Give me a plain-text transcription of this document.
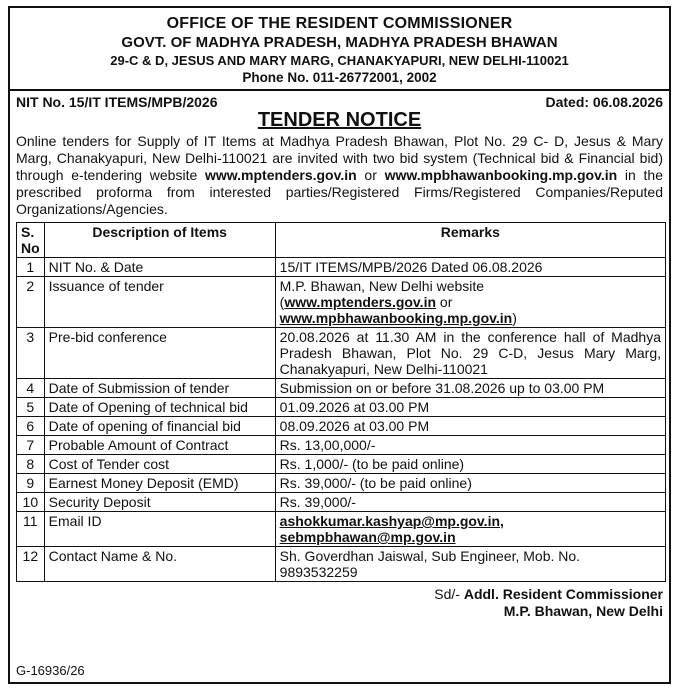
OFFICE OF THE RESIDENT COMMISSIONER
GOVT. OF MADHYA PRADESH, MADHYA PRADESH BHAWAN
29-C & D, JESUS AND MARY MARG, CHANAKYAPURI, NEW DELHI-110021
Phone No. 011-26772001, 2002
NIT No. 15/IT ITEMS/MPB/2026	Dated: 06.08.2026
TENDER NOTICE
Online tenders for Supply of IT Items at Madhya Pradesh Bhawan, Plot No. 29 C- D, Jesus & Mary Marg, Chanakyapuri, New Delhi-110021 are invited with two bid system (Technical bid & Financial bid) through e-tendering website www.mptenders.gov.in or www.mpbhawanbooking.mp.gov.in in the prescribed proforma from interested parties/Registered Firms/Registered Companies/Reputed Organizations/Agencies.
S. No	Description of Items	Remarks
1	NIT No. & Date	15/IT ITEMS/MPB/2026 Dated 06.08.2026
2	Issuance of tender	M.P. Bhawan, New Delhi website
(www.mptenders.gov.in or
www.mpbhawanbooking.mp.gov.in)

3	Pre-bid conference	20.08.2026 at 11.30 AM in the conference hall of Madhya Pradesh Bhawan, Plot No. 29 C-D, Jesus Mary Marg, Chanakyapuri, New Delhi-110021
4	Date of Submission of tender	Submission on or before 31.08.2026 up to 03.00 PM
5	Date of Opening of technical bid	01.09.2026 at 03.00 PM
6	Date of opening of financial bid	08.09.2026 at 03.00 PM
7	Probable Amount of Contract	Rs. 13,00,000/-
8	Cost of Tender cost	Rs. 1,000/- (to be paid online)
9	Earnest Money Deposit (EMD)	Rs. 39,000/- (to be paid online)
10	Security Deposit	Rs. 39,000/-
11	Email ID	ashokkumar.kashyap@mp.gov.in,
sebmpbhawan@mp.gov.in

12	Contact Name & No.	Sh. Goverdhan Jaiswal, Sub Engineer, Mob. No. 9893532259
Sd/- Addl. Resident Commissioner
M.P. Bhawan, New Delhi
G-16936/26
